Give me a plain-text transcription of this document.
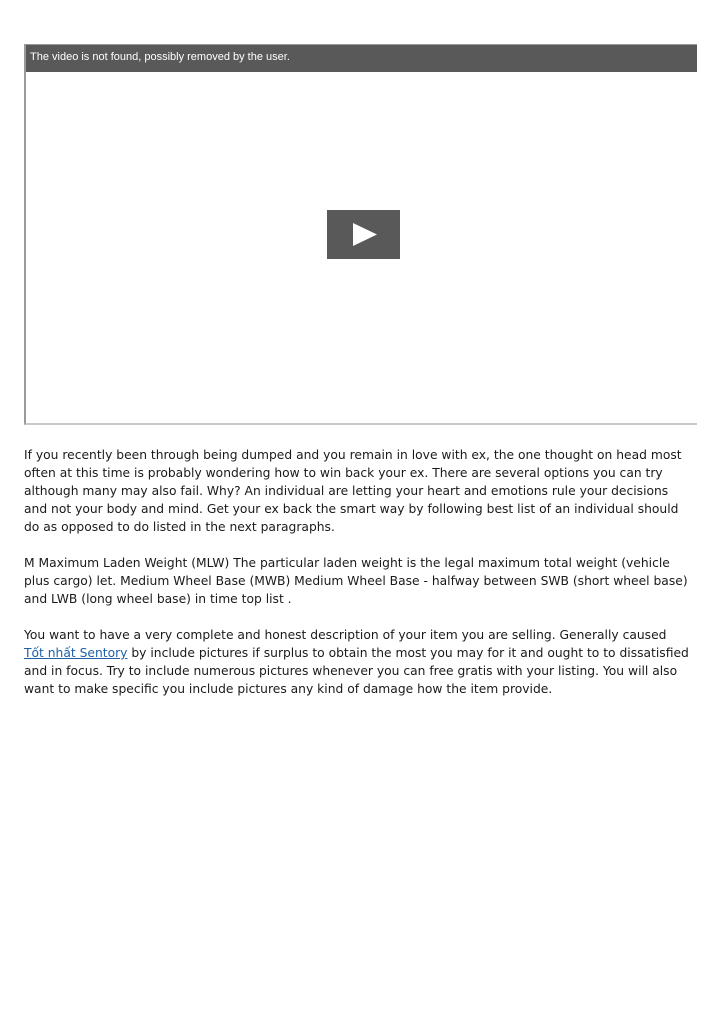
The video is not found, possibly removed by the user.

If you recently been through being dumped and you remain in love with ex, the one thought on head most often at this time is probably wondering how to win back your ex. There are several options you can try although many may also fail. Why? An individual are letting your heart and emotions rule your decisions and not your body and mind. Get your ex back the smart way by following best list of an individual should do as opposed to do listed in the next paragraphs.

M Maximum Laden Weight (MLW) The particular laden weight is the legal maximum total weight (vehicle plus cargo) let. Medium Wheel Base (MWB) Medium Wheel Base - halfway between SWB (short wheel base) and LWB (long wheel base) in time top list .

You want to have a very complete and honest description of your item you are selling. Generally caused Tốt nhất Sentory by include pictures if surplus to obtain the most you may for it and ought to to dissatisfied and in focus. Try to include numerous pictures whenever you can free gratis with your listing. You will also want to make specific you include pictures any kind of damage how the item provide.
